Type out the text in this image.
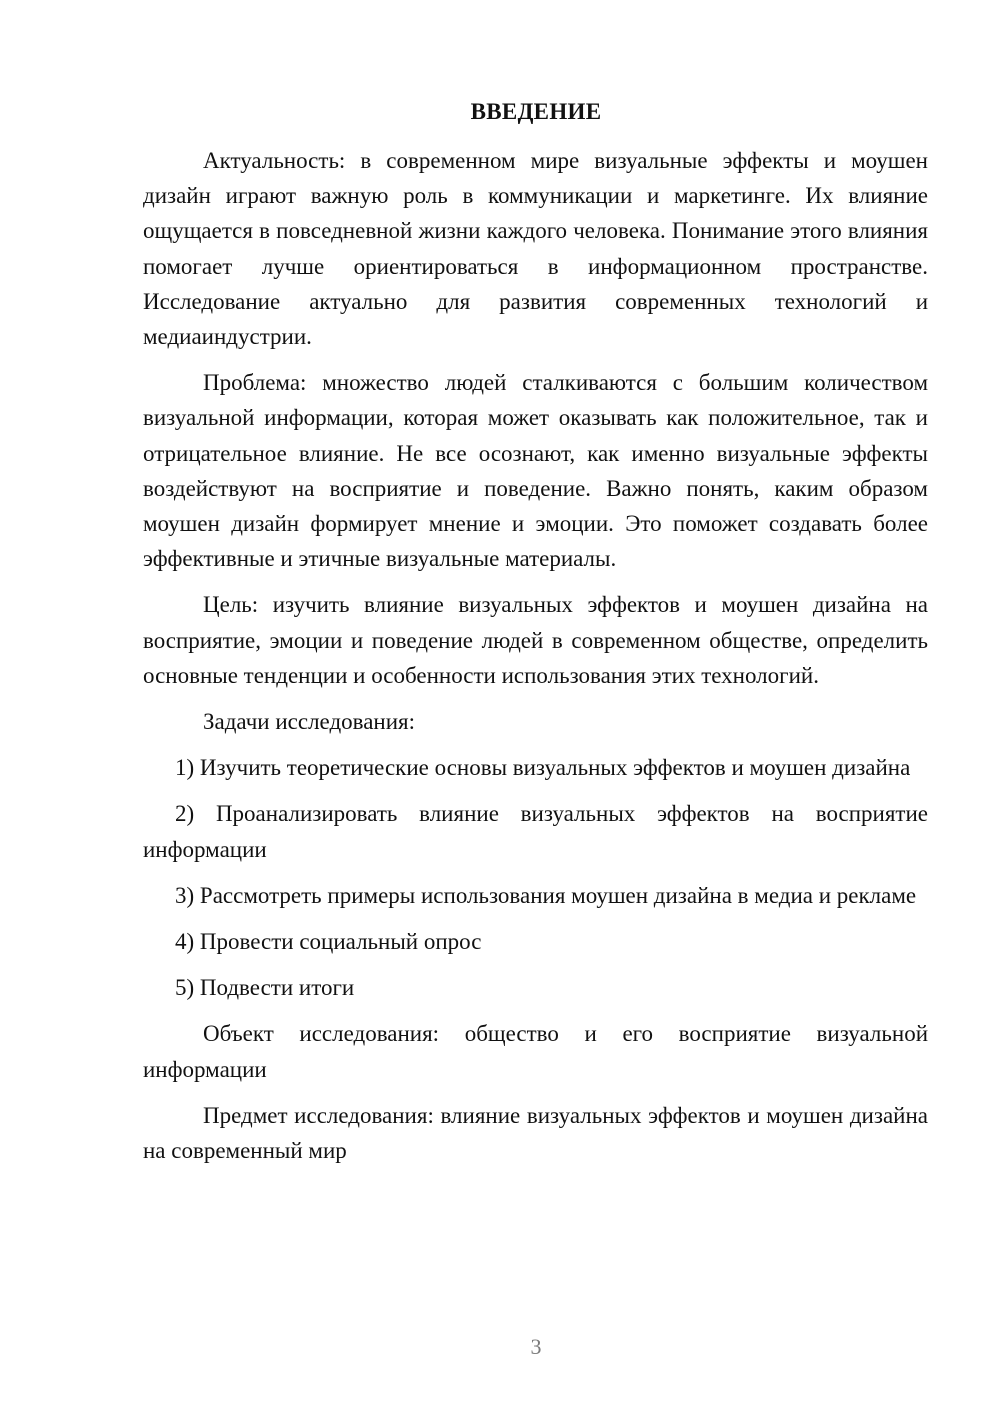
ВВЕДЕНИЕ

Актуальность: в современном мире визуальные эффекты и моушен дизайн играют важную роль в коммуникации и маркетинге. Их влияние ощущается в повседневной жизни каждого человека. Понимание этого влияния помогает лучше ориентироваться в информационном пространстве. Исследование актуально для развития современных технологий и медиаиндустрии.

Проблема: множество людей сталкиваются с большим количеством визуальной информации, которая может оказывать как положительное, так и отрицательное влияние. Не все осознают, как именно визуальные эффекты воздействуют на восприятие и поведение. Важно понять, каким образом моушен дизайн формирует мнение и эмоции. Это поможет создавать более эффективные и этичные визуальные материалы.

Цель: изучить влияние визуальных эффектов и моушен дизайна на восприятие, эмоции и поведение людей в современном обществе, определить основные тенденции и особенности использования этих технологий.

Задачи исследования:

1) Изучить теоретические основы визуальных эффектов и моушен дизайна

2) Проанализировать влияние визуальных эффектов на восприятие информации

3) Рассмотреть примеры использования моушен дизайна в медиа и рекламе

4) Провести социальный опрос

5) Подвести итоги

Объект исследования: общество и его восприятие визуальной информации

Предмет исследования: влияние визуальных эффектов и моушен дизайна на современный мир

3
